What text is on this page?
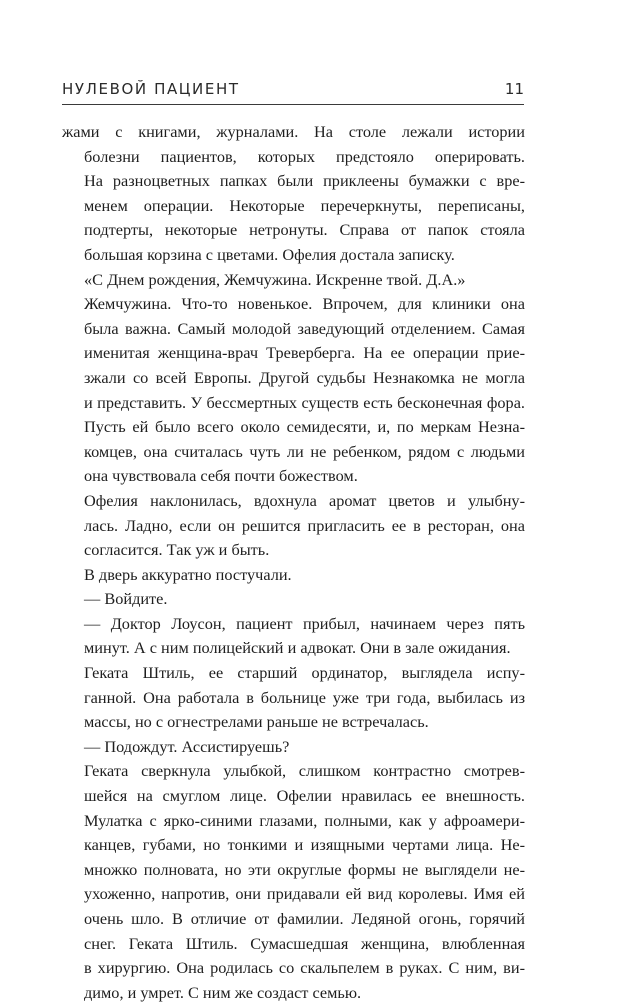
НУЛЕВОЙ ПАЦИЕНТ	11

жами с книгами, журналами. На столе лежали истории
болезни пациентов, которых предстояло оперировать.
На разноцветных папках были приклеены бумажки с вре-
менем операции. Некоторые перечеркнуты, переписаны,
подтерты, некоторые нетронуты. Справа от папок стояла
большая корзина с цветами. Офелия достала записку.

«С Днем рождения, Жемчужина. Искренне твой. Д.А.»

Жемчужина. Что-то новенькое. Впрочем, для клиники она
была важна. Самый молодой заведующий отделением. Самая
именитая женщина-врач Треверберга. На ее операции прие-
зжали со всей Европы. Другой судьбы Незнакомка не могла
и представить. У бессмертных существ есть бесконечная фора.
Пусть ей было всего около семидесяти, и, по меркам Незна-
комцев, она считалась чуть ли не ребенком, рядом с людьми
она чувствовала себя почти божеством.

Офелия наклонилась, вдохнула аромат цветов и улыбну-
лась. Ладно, если он решится пригласить ее в ресторан, она
согласится. Так уж и быть.

В дверь аккуратно постучали.

— Войдите.

— Доктор Лоусон, пациент прибыл, начинаем через пять
минут. А с ним полицейский и адвокат. Они в зале ожидания.

Геката Штиль, ее старший ординатор, выглядела испу-
ганной. Она работала в больнице уже три года, выбилась из
массы, но с огнестрелами раньше не встречалась.

— Подождут. Ассистируешь?

Геката сверкнула улыбкой, слишком контрастно смотрев-
шейся на смуглом лице. Офелии нравилась ее внешность.
Мулатка с ярко-синими глазами, полными, как у афроамери-
канцев, губами, но тонкими и изящными чертами лица. Не-
множко полновата, но эти округлые формы не выглядели не-
ухоженно, напротив, они придавали ей вид королевы. Имя ей
очень шло. В отличие от фамилии. Ледяной огонь, горячий
снег. Геката Штиль. Сумасшедшая женщина, влюбленная
в хирургию. Она родилась со скальпелем в руках. С ним, ви-
димо, и умрет. С ним же создаст семью.
